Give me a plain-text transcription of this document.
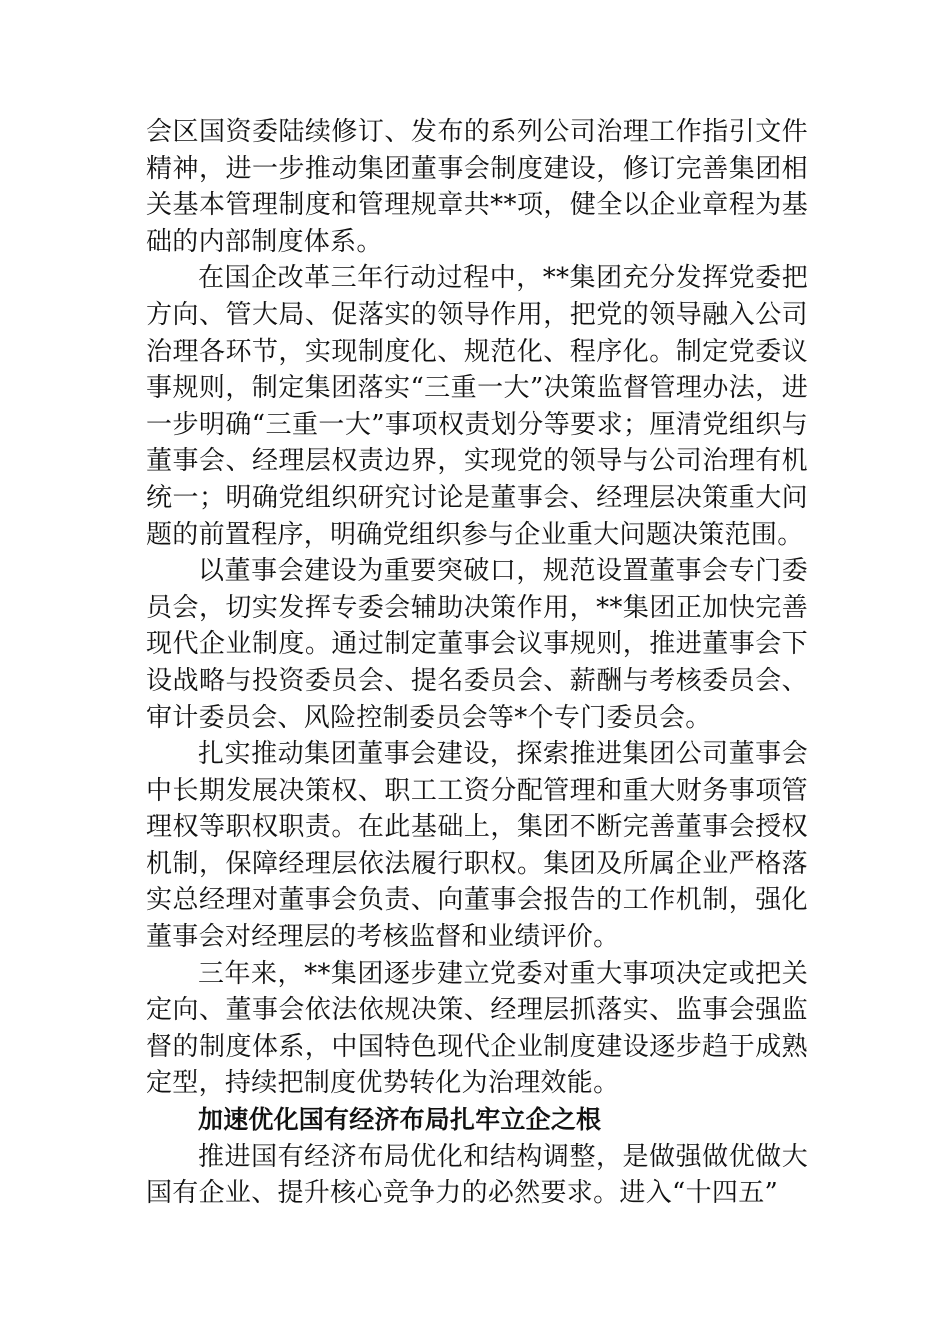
会区国资委陆续修订、发布的系列公司治理工作指引文件精神，进一步推动集团董事会制度建设，修订完善集团相关基本管理制度和管理规章共**项，健全以企业章程为基础的内部制度体系。

在国企改革三年行动过程中，**集团充分发挥党委把方向、管大局、促落实的领导作用，把党的领导融入公司治理各环节，实现制度化、规范化、程序化。制定党委议事规则，制定集团落实“三重一大”决策监督管理办法，进一步明确“三重一大”事项权责划分等要求；厘清党组织与董事会、经理层权责边界，实现党的领导与公司治理有机统一；明确党组织研究讨论是董事会、经理层决策重大问题的前置程序，明确党组织参与企业重大问题决策范围。

以董事会建设为重要突破口，规范设置董事会专门委员会，切实发挥专委会辅助决策作用，**集团正加快完善现代企业制度。通过制定董事会议事规则，推进董事会下设战略与投资委员会、提名委员会、薪酬与考核委员会、审计委员会、风险控制委员会等*个专门委员会。

扎实推动集团董事会建设，探索推进集团公司董事会中长期发展决策权、职工工资分配管理和重大财务事项管理权等职权职责。在此基础上，集团不断完善董事会授权机制，保障经理层依法履行职权。集团及所属企业严格落实总经理对董事会负责、向董事会报告的工作机制，强化董事会对经理层的考核监督和业绩评价。

三年来，**集团逐步建立党委对重大事项决定或把关定向、董事会依法依规决策、经理层抓落实、监事会强监督的制度体系，中国特色现代企业制度建设逐步趋于成熟定型，持续把制度优势转化为治理效能。

加速优化国有经济布局扎牢立企之根

推进国有经济布局优化和结构调整，是做强做优做大国有企业、提升核心竞争力的必然要求。进入“十四五”
